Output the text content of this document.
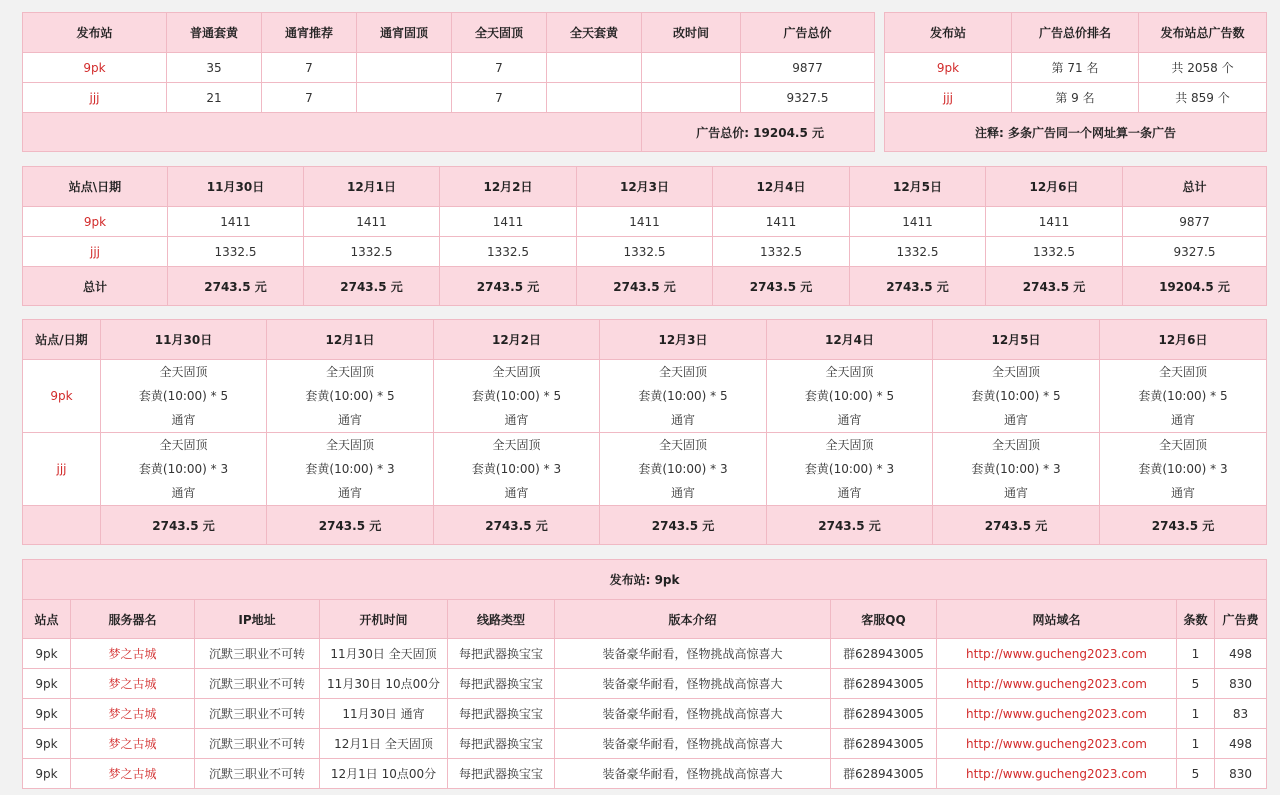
发布站	普通套黄	通宵推荐	通宵固顶	全天固顶	全天套黄	改时间	广告总价
9pk	35	7		7			9877
jjj	21	7		7			9327.5
						广告总价: 19204.5 元	
发布站	广告总价排名	发布站总广告数
9pk	第 71 名	共 2058 个
jjj	第 9 名	共 859 个
注释: 多条广告同一个网址算一条广告		
站点\日期	11月30日	12月1日	12月2日	12月3日	12月4日	12月5日	12月6日	总计
9pk	1411	1411	1411	1411	1411	1411	1411	9877
jjj	1332.5	1332.5	1332.5	1332.5	1332.5	1332.5	1332.5	9327.5
总计	2743.5 元	2743.5 元	2743.5 元	2743.5 元	2743.5 元	2743.5 元	2743.5 元	19204.5 元
站点/日期	11月30日	12月1日	12月2日	12月3日	12月4日	12月5日	12月6日
9pk	全天固顶
套黄(10:00) * 5
通宵	全天固顶
套黄(10:00) * 5
通宵	全天固顶
套黄(10:00) * 5
通宵	全天固顶
套黄(10:00) * 5
通宵	全天固顶
套黄(10:00) * 5
通宵	全天固顶
套黄(10:00) * 5
通宵	全天固顶
套黄(10:00) * 5
通宵

jjj	全天固顶
套黄(10:00) * 3
通宵	全天固顶
套黄(10:00) * 3
通宵	全天固顶
套黄(10:00) * 3
通宵	全天固顶
套黄(10:00) * 3
通宵	全天固顶
套黄(10:00) * 3
通宵	全天固顶
套黄(10:00) * 3
通宵	全天固顶
套黄(10:00) * 3
通宵

	2743.5 元	2743.5 元	2743.5 元	2743.5 元	2743.5 元	2743.5 元	2743.5 元
发布站: 9pk									
站点	服务器名	IP地址	开机时间	线路类型	版本介绍	客服QQ	网站域名	条数	广告费
9pk	梦之古城	沉默三职业不可转	11月30日 全天固顶	每把武器换宝宝	装备豪华耐看，怪物挑战高惊喜大	群628943005	http://www.gucheng2023.com	1	498
9pk	梦之古城	沉默三职业不可转	11月30日 10点00分	每把武器换宝宝	装备豪华耐看，怪物挑战高惊喜大	群628943005	http://www.gucheng2023.com	5	830
9pk	梦之古城	沉默三职业不可转	11月30日 通宵	每把武器换宝宝	装备豪华耐看，怪物挑战高惊喜大	群628943005	http://www.gucheng2023.com	1	83
9pk	梦之古城	沉默三职业不可转	12月1日 全天固顶	每把武器换宝宝	装备豪华耐看，怪物挑战高惊喜大	群628943005	http://www.gucheng2023.com	1	498
9pk	梦之古城	沉默三职业不可转	12月1日 10点00分	每把武器换宝宝	装备豪华耐看，怪物挑战高惊喜大	群628943005	http://www.gucheng2023.com	5	830
